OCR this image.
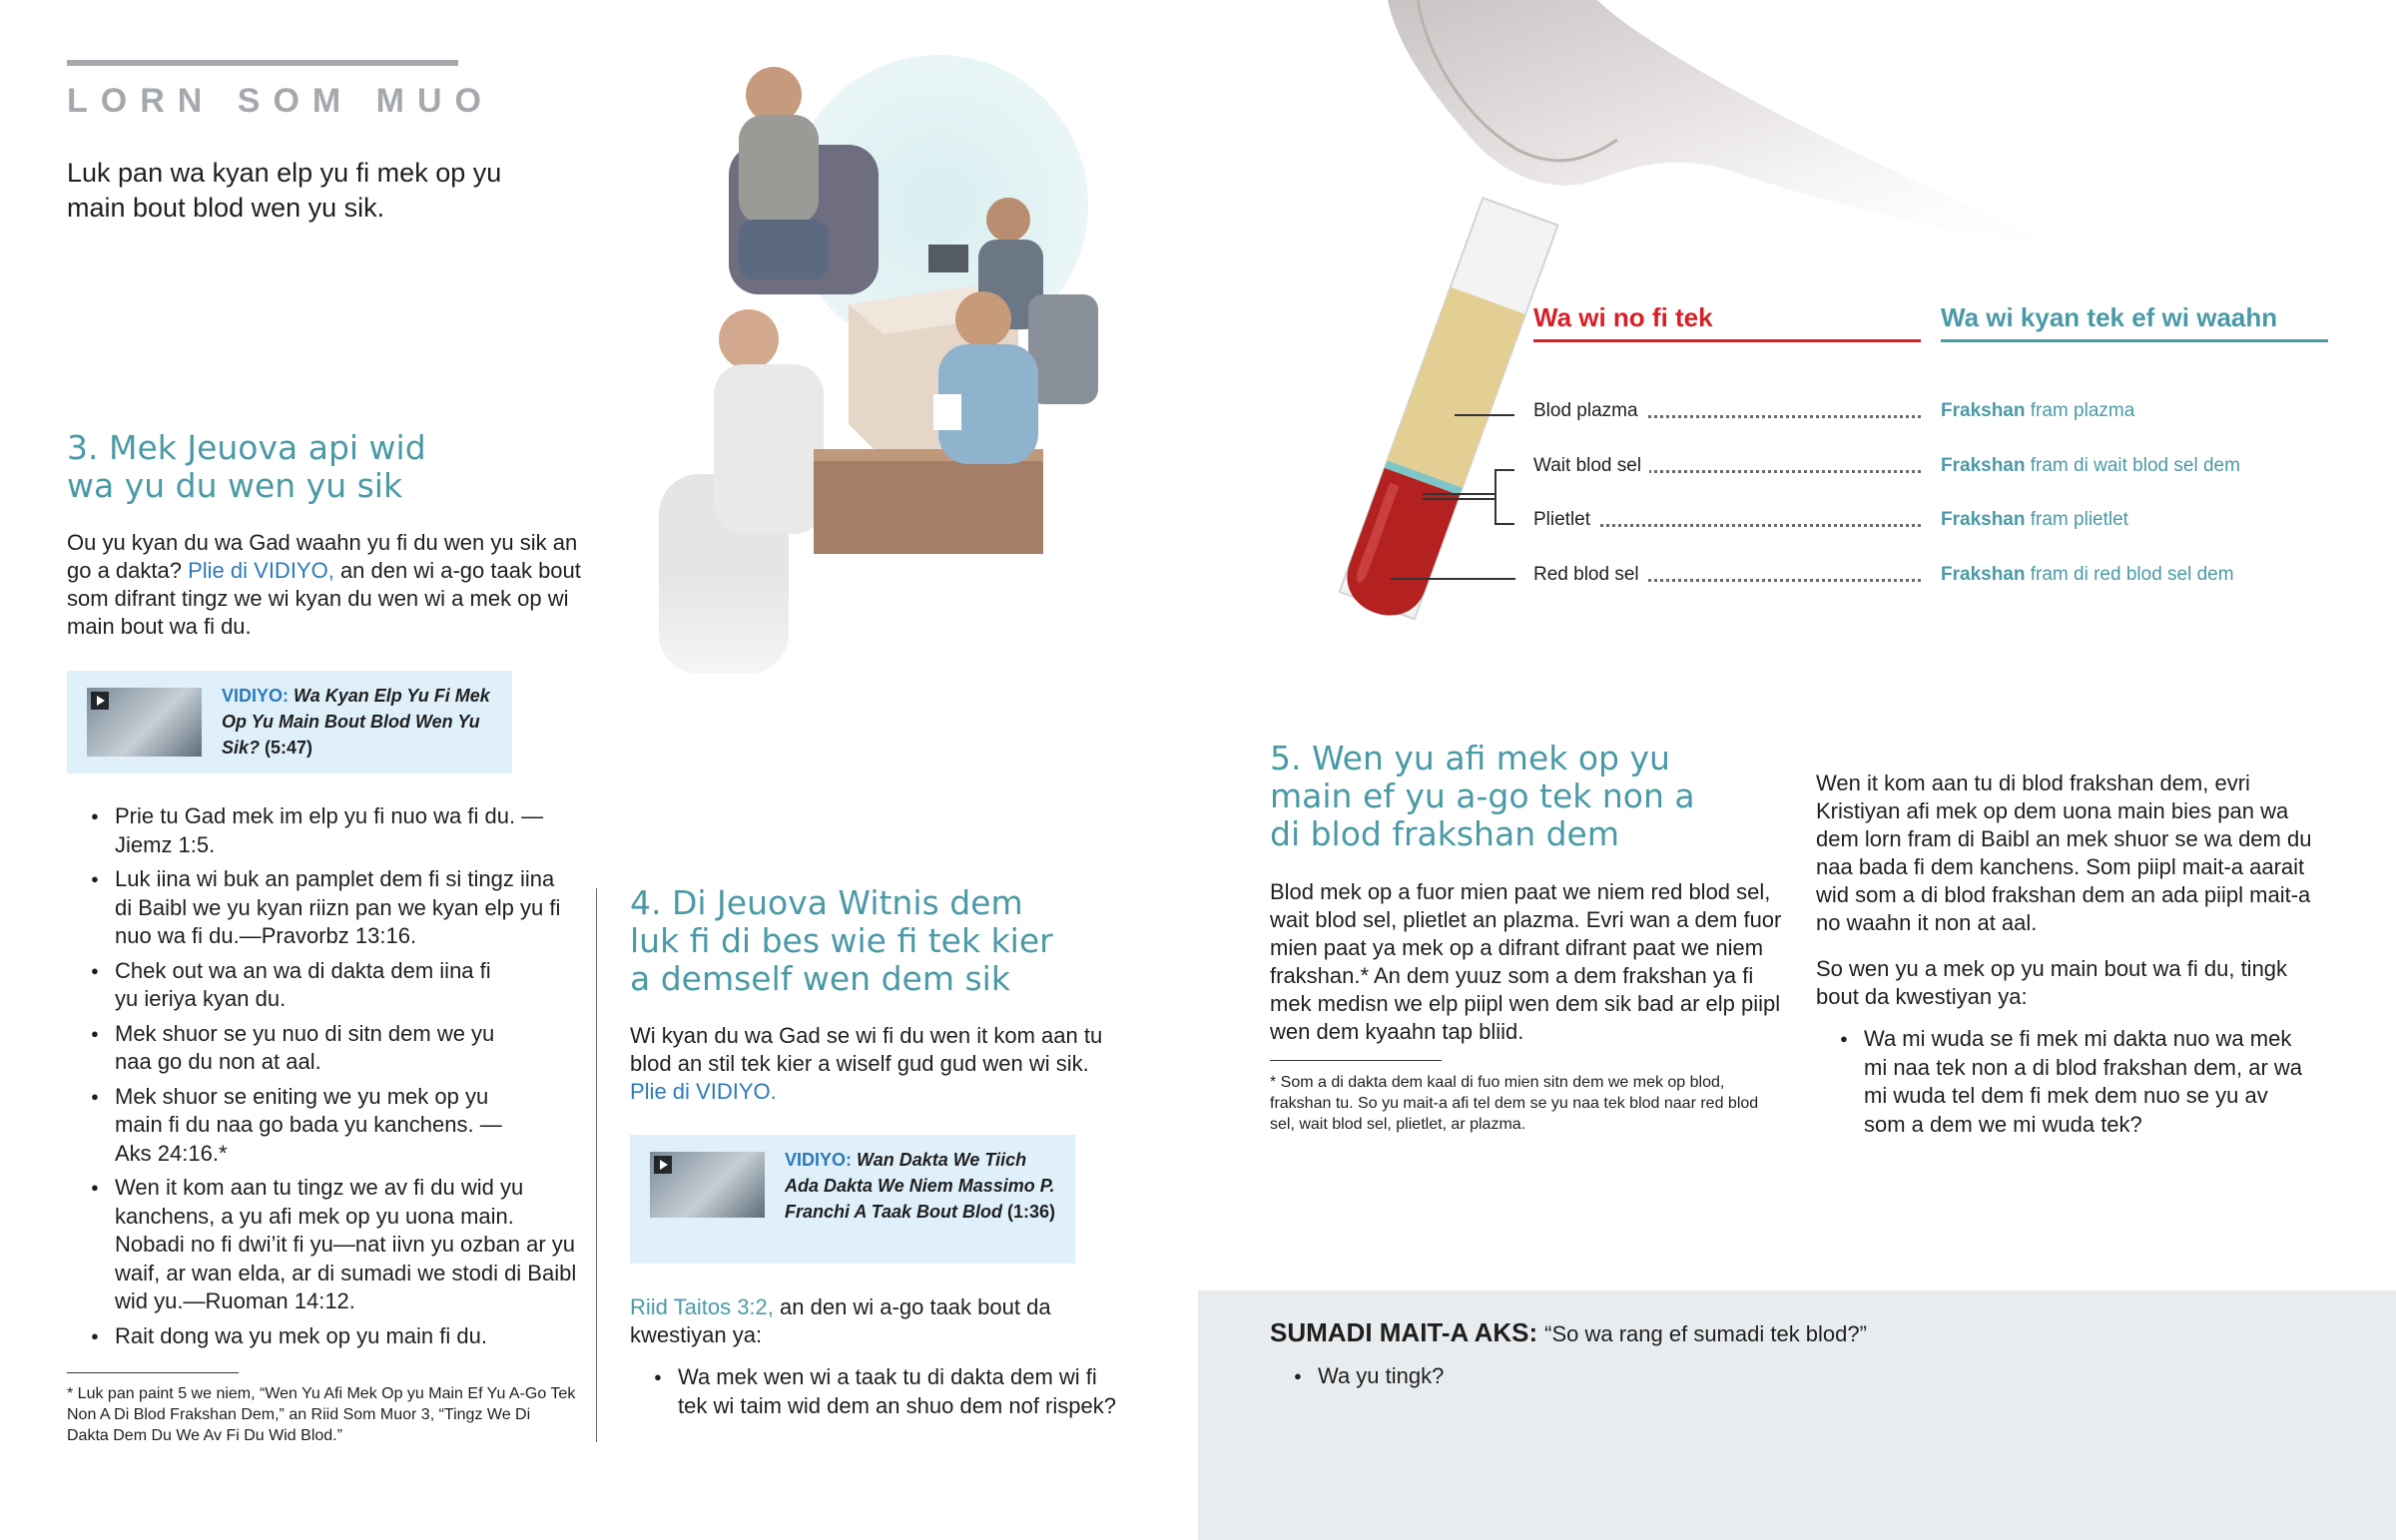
LORN SOM MUO
Luk pan wa kyan elp yu fi mek op yu main bout blod wen yu sik.
3. Mek Jeuova api wid
wa yu du wen yu sik
Ou yu kyan du wa Gad waahn yu fi du wen yu sik an go a dakta? Plie di VIDIYO, an den wi a-go taak bout som difrant tingz we wi kyan du wen wi a mek op wi main bout wa fi du.
VIDIYO: Wa Kyan Elp Yu Fi Mek Op Yu Main Bout Blod Wen Yu Sik? (5:47)
● Prie tu Gad mek im elp yu fi nuo wa fi du. —Jiemz 1:5.
● Luk iina wi buk an pamplet dem fi si tingz iina di Baibl we yu kyan riizn pan we kyan elp yu fi nuo wa fi du.—Pravorbz 13:16.
● Chek out wa an wa di dakta dem iina fi yu ieriya kyan du.
● Mek shuor se yu nuo di sitn dem we yu naa go du non at aal.
● Mek shuor se eniting we yu mek op yu main fi du naa go bada yu kanchens. —Aks 24:16.*
● Wen it kom aan tu tingz we av fi du wid yu kanchens, a yu afi mek op yu uona main. Nobadi no fi dwi’it fi yu—nat iivn yu ozban ar yu waif, ar wan elda, ar di sumadi we stodi di Baibl wid yu.—Ruoman 14:12.
● Rait dong wa yu mek op yu main fi du.
* Luk pan paint 5 we niem, “Wen Yu Afi Mek Op yu Main Ef Yu A-Go Tek Non A Di Blod Frakshan Dem,” an Riid Som Muor 3, “Tingz We Di Dakta Dem Du We Av Fi Du Wid Blod.”
4. Di Jeuova Witnis dem
luk fi di bes wie fi tek kier
a demself wen dem sik
Wi kyan du wa Gad se wi fi du wen it kom aan tu blod an stil tek kier a wiself gud gud wen wi sik. Plie di VIDIYO.
VIDIYO: Wan Dakta We Tiich Ada Dakta We Niem Massimo P. Franchi A Taak Bout Blod (1:36)
Riid Taitos 3:2, an den wi a-go taak bout da kwestiyan ya:
● Wa mek wen wi a taak tu di dakta dem wi fi tek wi taim wid dem an shuo dem nof rispek?
Wa wi no fi tek	Wa wi kyan tek ef wi waahn
Blod plazma	Frakshan fram plazma
Wait blod sel	Frakshan fram di wait blod sel dem
Plietlet	Frakshan fram plietlet
Red blod sel	Frakshan fram di red blod sel dem
5. Wen yu afi mek op yu
main ef yu a-go tek non a
di blod frakshan dem
Blod mek op a fuor mien paat we niem red blod sel, wait blod sel, plietlet an plazma. Evri wan a dem fuor mien paat ya mek op a difrant difrant paat we niem frakshan.* An dem yuuz som a dem frakshan ya fi mek medisn we elp piipl wen dem sik bad ar elp piipl wen dem kyaahn tap bliid.
* Som a di dakta dem kaal di fuo mien sitn dem we mek op blod, frakshan tu. So yu mait-a afi tel dem se yu naa tek blod naar red blod sel, wait blod sel, plietlet, ar plazma.
Wen it kom aan tu di blod frakshan dem, evri Kristiyan afi mek op dem uona main bies pan wa dem lorn fram di Baibl an mek shuor se wa dem du naa bada fi dem kanchens. Som piipl mait-a aarait wid som a di blod frakshan dem an ada piipl mait-a no waahn it non at aal.
So wen yu a mek op yu main bout wa fi du, tingk bout da kwestiyan ya:
● Wa mi wuda se fi mek mi dakta nuo wa mek mi naa tek non a di blod frakshan dem, ar wa mi wuda tel dem fi mek dem nuo se yu av som a dem we mi wuda tek?
SUMADI MAIT-A AKS: “So wa rang ef sumadi tek blod?”
● Wa yu tingk?
